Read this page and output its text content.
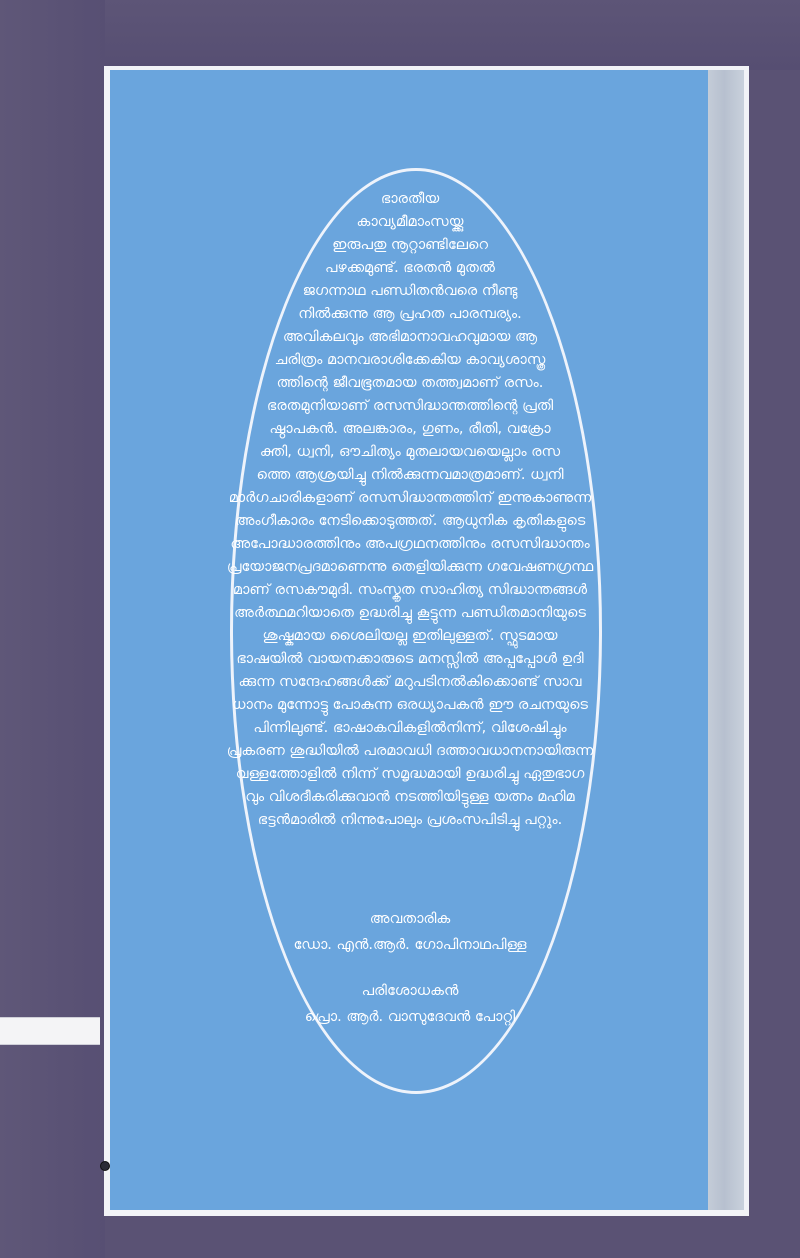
ഭാരതീയ
കാവ്യമീമാംസയ്ക്കു
ഇരുപതു നൂറ്റാണ്ടിലേറെ
പഴക്കമുണ്ട്. ഭരതൻ മുതൽ
ജഗന്നാഥ പണ്ഡിതൻവരെ നീണ്ടു
നിൽക്കുന്നു ആ പ്രഹത പാരമ്പര്യം.
അവികലവും അഭിമാനാവഹവുമായ ആ
ചരിത്രം മാനവരാശിക്കേകിയ കാവ്യശാസ്ത്ര
ത്തിന്റെ ജീവഭൂതമായ തത്ത്വമാണ് രസം.
ഭരതമുനിയാണ് രസസിദ്ധാന്തത്തിന്റെ പ്രതി
ഷ്ഠാപകൻ. അലങ്കാരം, ഗുണം, രീതി, വക്രോ
ക്തി, ധ്വനി, ഔചിത്യം മുതലായവയെല്ലാം രസ
ത്തെ ആശ്രയിച്ചു നിൽക്കുന്നവമാത്രമാണ്. ധ്വനി
മാർഗചാരികളാണ് രസസിദ്ധാന്തത്തിന് ഇന്നുകാണുന്ന
അംഗീകാരം നേടിക്കൊടുത്തത്. ആധുനിക കൃതികളുടെ
അപോദ്ധാരത്തിനും അപഗ്രഥനത്തിനും രസസിദ്ധാന്തം
പ്രയോജനപ്രദമാണെന്നു തെളിയിക്കുന്ന ഗവേഷണഗ്രന്ഥ
മാണ് രസകൗമുദി. സംസ്കൃത സാഹിത്യ സിദ്ധാന്തങ്ങൾ
അർത്ഥമറിയാതെ ഉദ്ധരിച്ചു കൂട്ടുന്ന പണ്ഡിതമാനിയുടെ
ശുഷ്കമായ ശൈലിയല്ല ഇതിലുള്ളത്. സ്ഫുടമായ
ഭാഷയിൽ വായനക്കാരുടെ മനസ്സിൽ അപ്പപ്പോൾ ഉദി
ക്കുന്ന സന്ദേഹങ്ങൾക്ക് മറുപടിനൽകിക്കൊണ്ട് സാവ
ധാനം മുന്നോട്ടു പോകുന്ന ഒരധ്യാപകൻ ഈ രചനയുടെ
പിന്നിലുണ്ട്. ഭാഷാകവികളിൽനിന്ന്, വിശേഷിച്ചും
പ്രകരണ ശുദ്ധിയിൽ പരമാവധി ദത്താവധാനനായിരുന്ന
വള്ളത്തോളിൽ നിന്ന് സമൃദ്ധമായി ഉദ്ധരിച്ചു ഏതുഭാഗ
വും വിശദീകരിക്കുവാൻ നടത്തിയിട്ടുള്ള യത്നം മഹിമ
ഭട്ടൻമാരിൽ നിന്നുപോലും പ്രശംസപിടിച്ചു പറ്റും.
അവതാരിക
ഡോ. എൻ.ആർ. ഗോപിനാഥപിള്ള
പരിശോധകൻ
പ്രൊ. ആർ. വാസുദേവൻ പോറ്റി
